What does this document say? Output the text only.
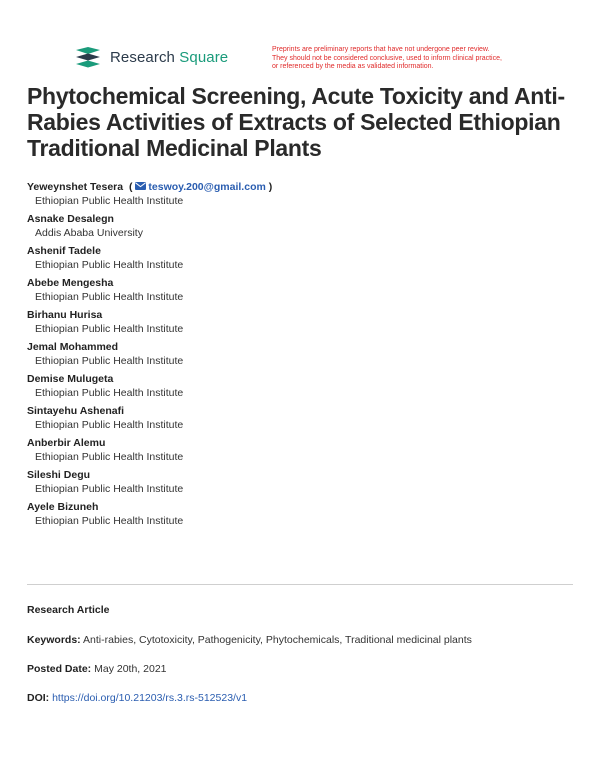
Research Square	Preprints are preliminary reports that have not undergone peer review.
They should not be considered conclusive, used to inform clinical practice,
or referenced by the media as validated information.
Phytochemical Screening, Acute Toxicity and Anti-Rabies Activities of Extracts of Selected Ethiopian Traditional Medicinal Plants
Yeweynshet Tesera ( teswoy.200@gmail.com )
Ethiopian Public Health Institute
Asnake Desalegn
Addis Ababa University
Ashenif Tadele
Ethiopian Public Health Institute
Abebe Mengesha
Ethiopian Public Health Institute
Birhanu Hurisa
Ethiopian Public Health Institute
Jemal Mohammed
Ethiopian Public Health Institute
Demise Mulugeta
Ethiopian Public Health Institute
Sintayehu Ashenafi
Ethiopian Public Health Institute
Anberbir Alemu
Ethiopian Public Health Institute
Sileshi Degu
Ethiopian Public Health Institute
Ayele Bizuneh
Ethiopian Public Health Institute
Research Article
Keywords: Anti-rabies, Cytotoxicity, Pathogenicity, Phytochemicals, Traditional medicinal plants
Posted Date: May 20th, 2021
DOI: https://doi.org/10.21203/rs.3.rs-512523/v1
